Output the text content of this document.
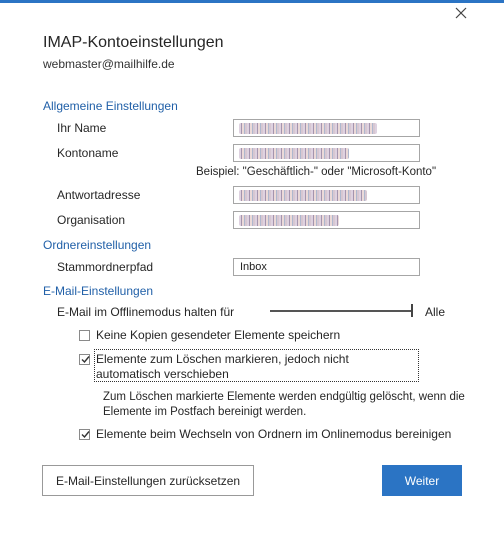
IMAP-Kontoeinstellungen
webmaster@mailhilfe.de
Allgemeine Einstellungen
Ihr Name
Kontoname
Beispiel: "Geschäftlich-" oder "Microsoft-Konto"
Antwortadresse
Organisation
Ordnereinstellungen
Stammordnerpfad
Inbox
E-Mail-Einstellungen
E-Mail im Offlinemodus halten für	Alle
Keine Kopien gesendeter Elemente speichern
Elemente zum Löschen markieren, jedoch nicht automatisch verschieben
Zum Löschen markierte Elemente werden endgültig gelöscht, wenn die Elemente im Postfach bereinigt werden.
Elemente beim Wechseln von Ordnern im Onlinemodus bereinigen
E-Mail-Einstellungen zurücksetzen	Weiter
